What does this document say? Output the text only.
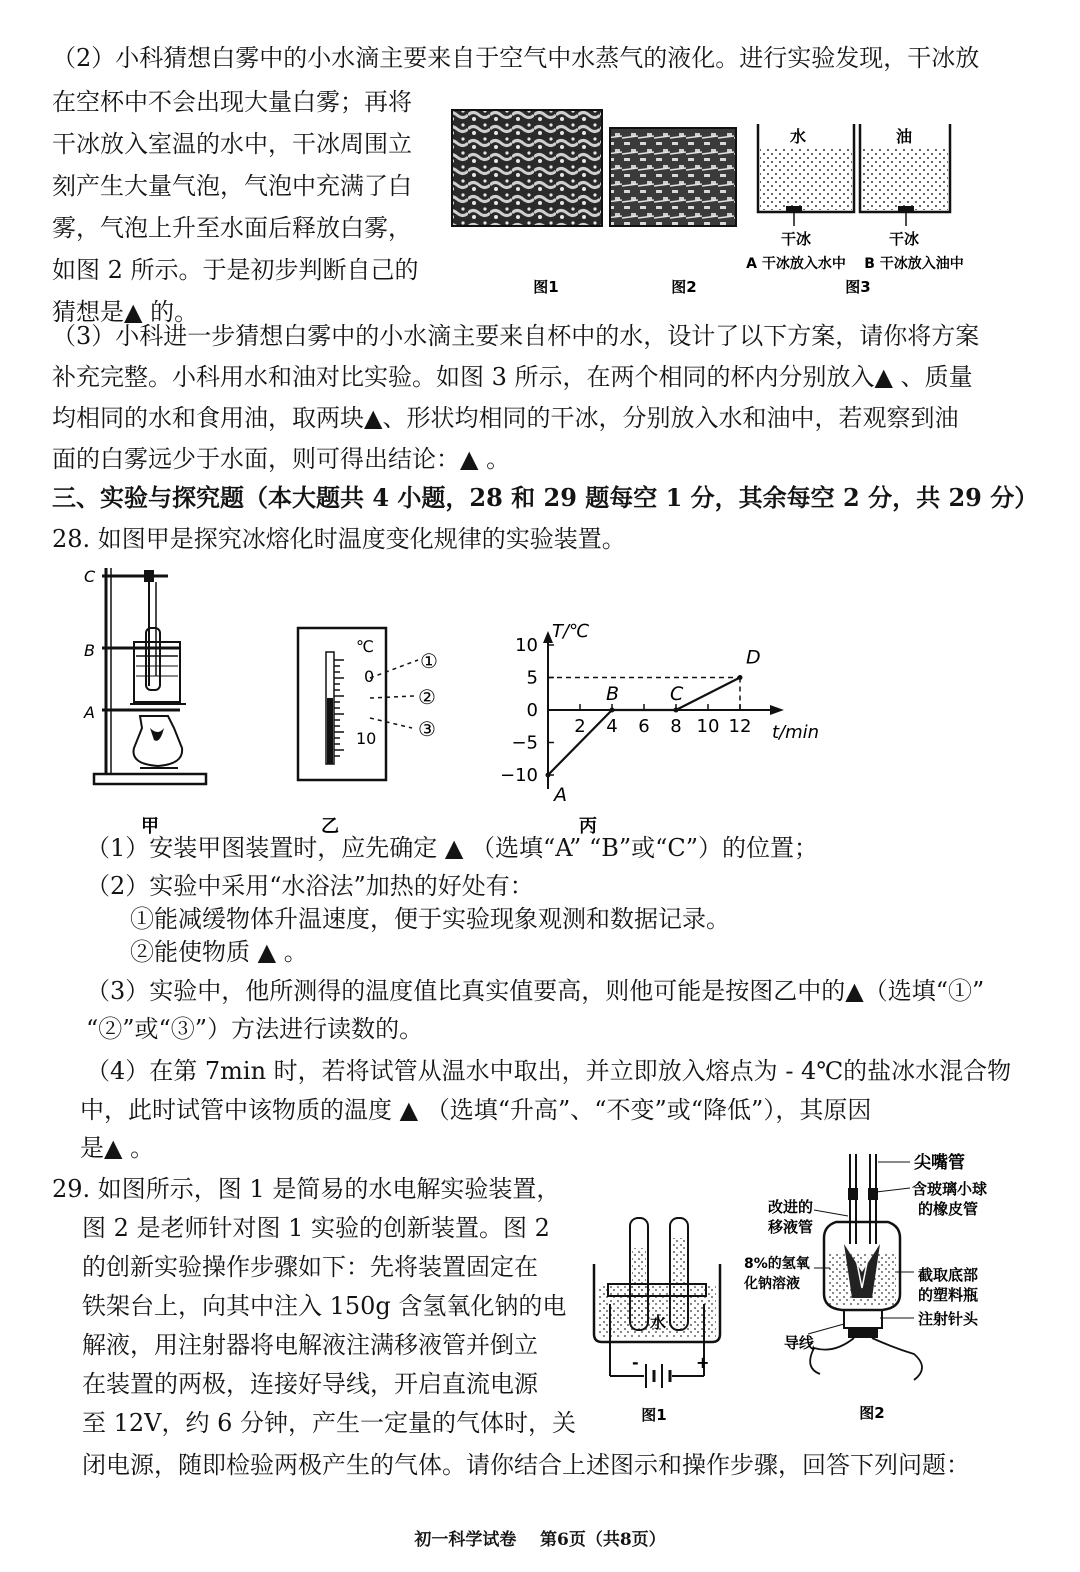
（2）小科猜想白雾中的小水滴主要来自于空气中水蒸气的液化。进行实验发现，干冰放
在空杯中不会出现大量白雾；再将
干冰放入室温的水中，干冰周围立
刻产生大量气泡，气泡中充满了白
雾，气泡上升至水面后释放白雾，
如图 2 所示。于是初步判断自己的
猜想是▲ 的。
水	油
干冰	干冰
A 干冰放入水中 B 干冰放入油中
图1	图2	图3
（3）小科进一步猜想白雾中的小水滴主要来自杯中的水，设计了以下方案，请你将方案
补充完整。小科用水和油对比实验。如图 3 所示，在两个相同的杯内分别放入▲ 、质量
均相同的水和食用油，取两块▲、形状均相同的干冰，分别放入水和油中，若观察到油
面的白雾远少于水面，则可得出结论：▲ 。
三、实验与探究题（本大题共 4 小题，28 和 29 题每空 1 分，其余每空 2 分，共 29 分）
28. 如图甲是探究冰熔化时温度变化规律的实验装置。
C
B
A
甲
℃
0
10
①
②
③
乙
T/℃
t/min
10
5
0
−5
−10
2 4 6 8 10 12
A
B	C
D
丙
（1）安装甲图装置时，应先确定 ▲ （选填“A” “B”或“C”）的位置；
（2）实验中采用“水浴法”加热的好处有：
①能减缓物体升温速度，便于实验现象观测和数据记录。
②能使物质 ▲ 。
（3）实验中，他所测得的温度值比真实值要高，则他可能是按图乙中的▲（选填“①”
“②”或“③”）方法进行读数的。
（4）在第 7min 时，若将试管从温水中取出，并立即放入熔点为 - 4℃的盐冰水混合物
中，此时试管中该物质的温度 ▲ （选填“升高”、“不变”或“降低”），其原因
是▲ 。
29. 如图所示，图 1 是简易的水电解实验装置，
图 2 是老师针对图 1 实验的创新装置。图 2
的创新实验操作步骤如下：先将装置固定在
铁架台上，向其中注入 150g 含氢氧化钠的电
解液，用注射器将电解液注满移液管并倒立
在装置的两极，连接好导线，开启直流电源
至 12V，约 6 分钟，产生一定量的气体时，关
闭电源，随即检验两极产生的气体。请你结合上述图示和操作步骤，回答下列问题：
水
-	+
图1
尖嘴管
含玻璃小球
的橡皮管
改进的
移液管
8%的氢氧
化钠溶液	截取底部
的塑料瓶
注射针头
导线
图2
初一科学试卷    第6页（共8页）
